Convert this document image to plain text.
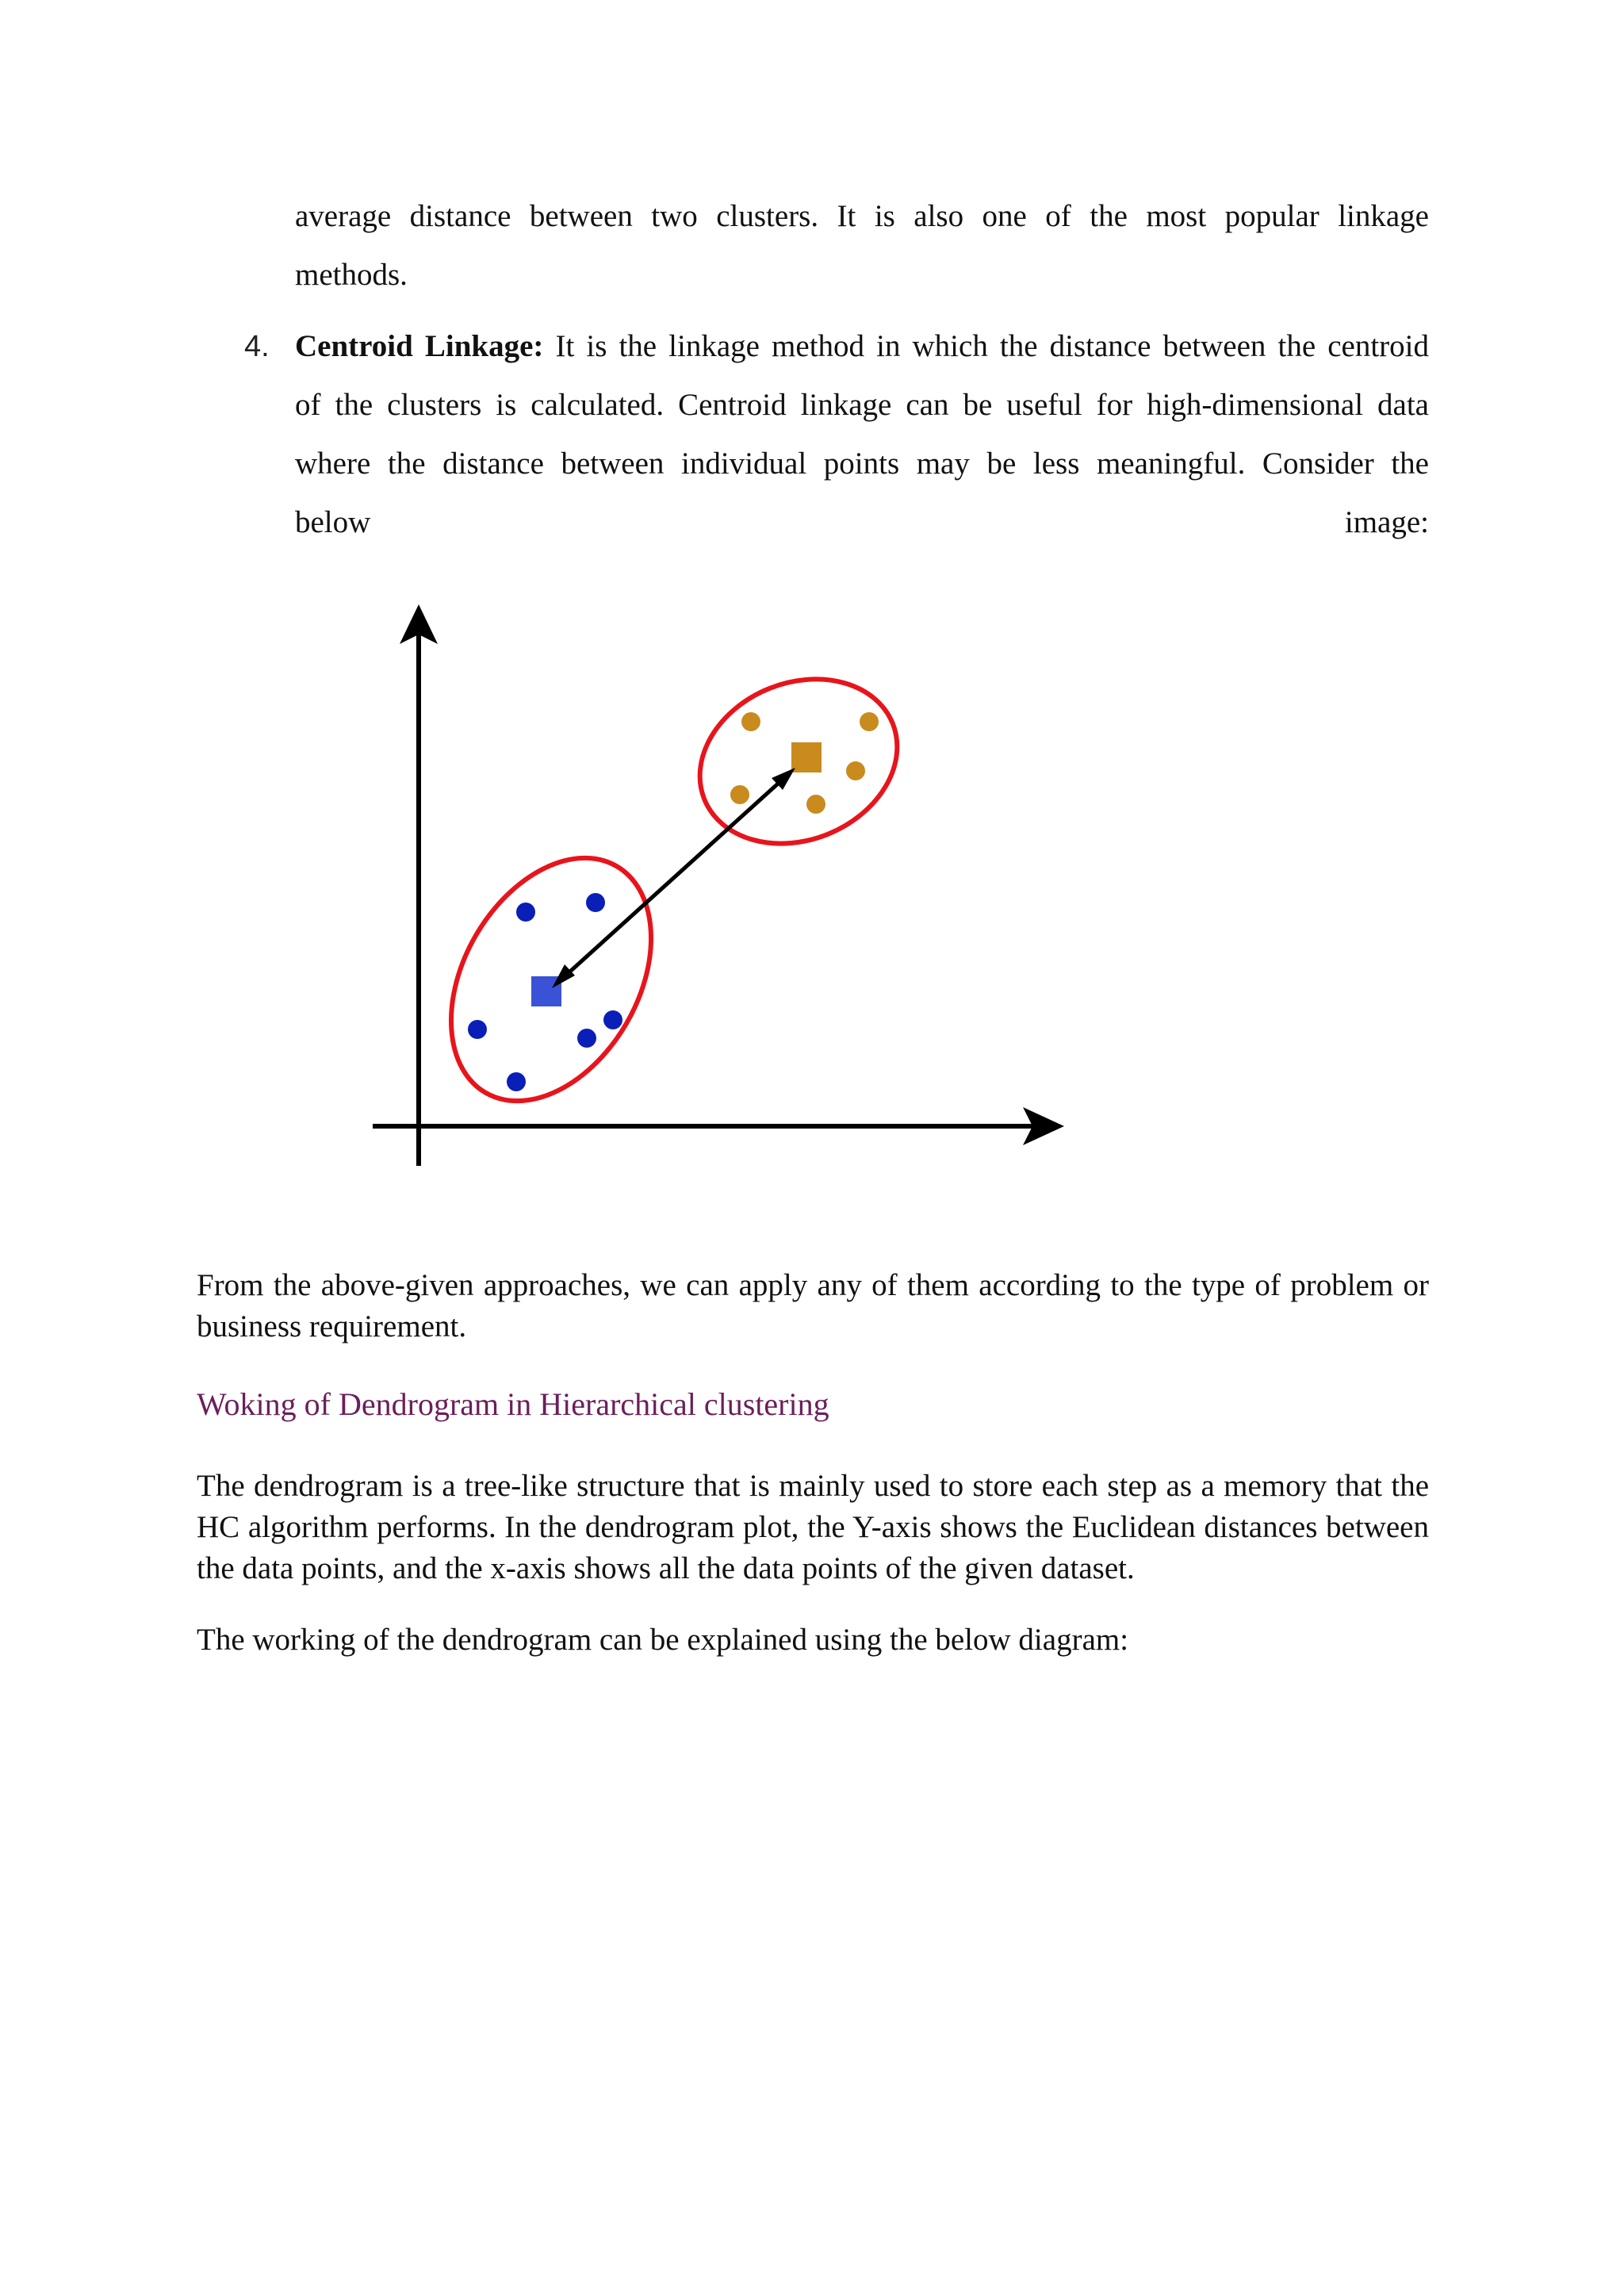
average distance between two clusters. It is also one of the most popular linkage
methods.
4. Centroid Linkage: It is the linkage method in which the distance between the centroid
of the clusters is calculated. Centroid linkage can be useful for high-dimensional data
where the distance between individual points may be less meaningful. Consider the
below	image:

From the above-given approaches, we can apply any of them according to the type of problem or business requirement.

Woking of Dendrogram in Hierarchical clustering

The dendrogram is a tree-like structure that is mainly used to store each step as a memory that the HC algorithm performs. In the dendrogram plot, the Y-axis shows the Euclidean distances between the data points, and the x-axis shows all the data points of the given dataset.

The working of the dendrogram can be explained using the below diagram:
